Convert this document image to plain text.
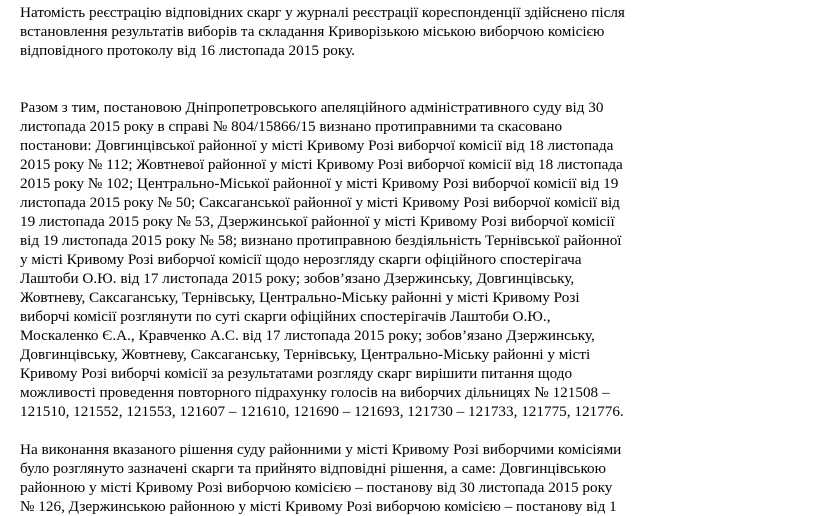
Натомість реєстрацію відповідних скарг у журналі реєстрації кореспонденції здійснено після
встановлення результатів виборів та складання Криворізькою міською виборчою комісією
відповідного протоколу від 16 листопада 2015 року.

Разом з тим, постановою Дніпропетровського апеляційного адміністративного суду від 30
листопада 2015 року в справі № 804/15866/15 визнано протиправними та скасовано
постанови: Довгинцівської районної у місті Кривому Розі виборчої комісії від 18 листопада
2015 року № 112; Жовтневої районної у місті Кривому Розі виборчої комісії від 18 листопада
2015 року № 102; Центрально-Міської районної у місті Кривому Розі виборчої комісії від 19
листопада 2015 року № 50; Саксаганської районної у місті Кривому Розі виборчої комісії від
19 листопада 2015 року № 53, Дзержинської районної у місті Кривому Розі виборчої комісії
від 19 листопада 2015 року № 58; визнано протиправною бездіяльність Тернівської районної
у місті Кривому Розі виборчої комісії щодо нерозгляду скарги офіційного спостерігача
Лаштоби О.Ю. від 17 листопада 2015 року; зобов’язано Дзержинську, Довгинцівську,
Жовтневу, Саксаганську, Тернівську, Центрально-Міську районні у місті Кривому Розі
виборчі комісії розглянути по суті скарги офіційних спостерігачів Лаштоби О.Ю.,
Москаленко Є.А., Кравченко А.С. від 17 листопада 2015 року; зобов’язано Дзержинську,
Довгинцівську, Жовтневу, Саксаганську, Тернівську, Центрально-Міську районні у місті
Кривому Розі виборчі комісії за результатами розгляду скарг вирішити питання щодо
можливості проведення повторного підрахунку голосів на виборчих дільницях № 121508 –
121510, 121552, 121553, 121607 – 121610, 121690 – 121693, 121730 – 121733, 121775, 121776.

На виконання вказаного рішення суду районними у місті Кривому Розі виборчими комісіями
було розглянуто зазначені скарги та прийнято відповідні рішення, а саме: Довгинцівською
районною у місті Кривому Розі виборчою комісією – постанову від 30 листопада 2015 року
№ 126, Дзержинською районною у місті Кривому Розі виборчою комісією – постанову від 1
